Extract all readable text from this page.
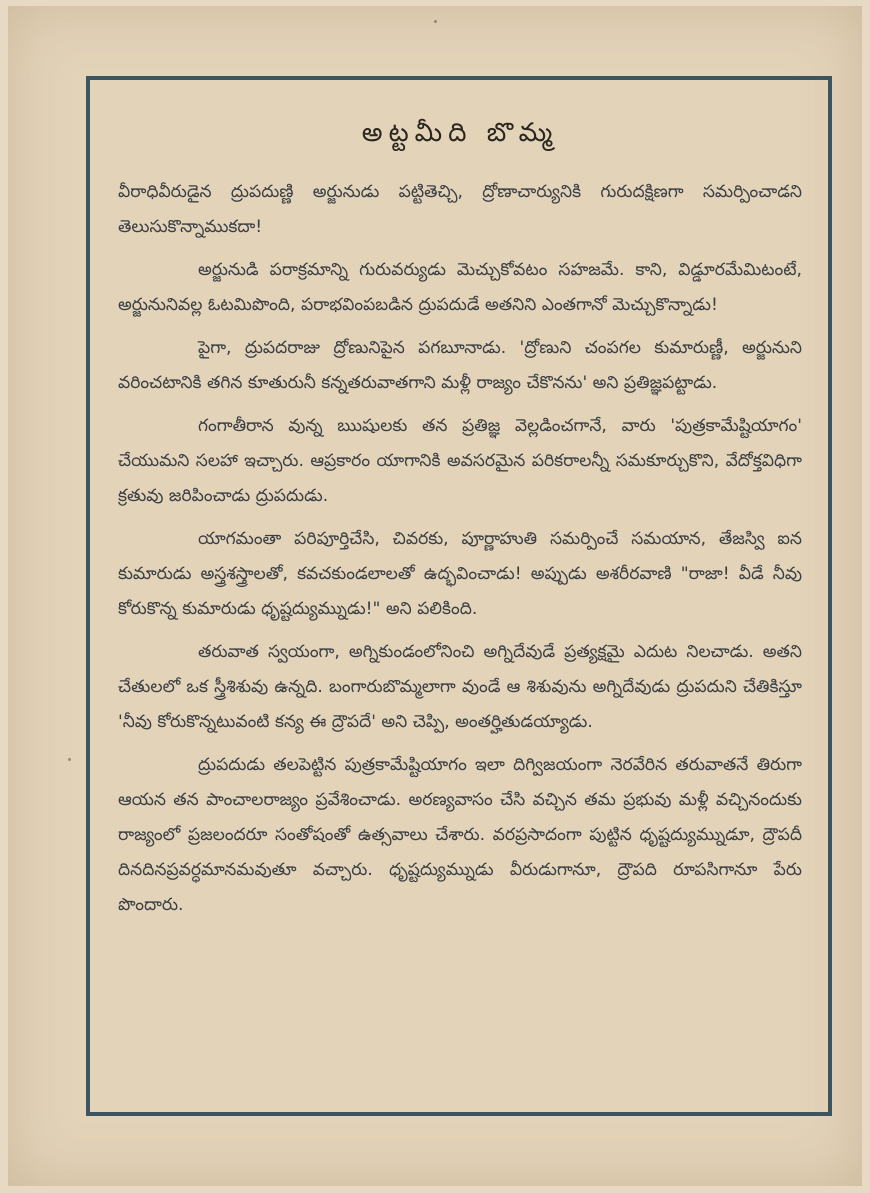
అట్టమీది బొమ్మ

వీరాధివీరుడైన ద్రుపదుణ్ణి అర్జునుడు పట్టితెచ్చి, ద్రోణాచార్యునికి గురుదక్షిణగా సమర్పించాడని తెలుసుకొన్నాముకదా!

అర్జునుడి పరాక్రమాన్ని గురువర్యుడు మెచ్చుకోవటం సహజమే. కాని, విడ్డూరమేమిటంటే, అర్జునునివల్ల ఓటమిపొంది, పరాభవింపబడిన ద్రుపదుడే అతనిని ఎంతగానో మెచ్చుకొన్నాడు!

పైగా, ద్రుపదరాజు ద్రోణునిపైన పగబూనాడు. 'ద్రోణుని చంపగల కుమారుణ్ణీ, అర్జునుని వరించటానికి తగిన కూతురునీ కన్నతరువాతగాని మళ్లీ రాజ్యం చేకొనను' అని ప్రతిజ్ఞపట్టాడు.

గంగాతీరాన వున్న ఋషులకు తన ప్రతిజ్ఞ వెల్లడించగానే, వారు 'పుత్రకామేష్టియాగం' చేయుమని సలహా ఇచ్చారు. ఆప్రకారం యాగానికి అవసరమైన పరికరాలన్నీ సమకూర్చుకొని, వేదోక్తవిధిగా క్రతువు జరిపించాడు ద్రుపదుడు.

యాగమంతా పరిపూర్తిచేసి, చివరకు, పూర్ణాహుతి సమర్పించే సమయాన, తేజస్వి ఐన కుమారుడు అస్త్రశస్త్రాలతో, కవచకుండలాలతో ఉద్భవించాడు! అప్పుడు అశరీరవాణి "రాజా! వీడే నీవు కోరుకొన్న కుమారుడు ధృష్టద్యుమ్నుడు!" అని పలికింది.

తరువాత స్వయంగా, అగ్నికుండంలోనించి అగ్నిదేవుడే ప్రత్యక్షమై ఎదుట నిలచాడు. అతని చేతులలో ఒక స్త్రీశిశువు ఉన్నది. బంగారుబొమ్మలాగా వుండే ఆ శిశువును అగ్నిదేవుడు ద్రుపదుని చేతికిస్తూ 'నీవు కోరుకొన్నటువంటి కన్య ఈ ద్రౌపదే' అని చెప్పి, అంతర్హితుడయ్యాడు.

ద్రుపదుడు తలపెట్టిన పుత్రకామేష్టియాగం ఇలా దిగ్విజయంగా నెరవేరిన తరువాతనే తిరుగా ఆయన తన పాంచాలరాజ్యం ప్రవేశించాడు. అరణ్యవాసం చేసి వచ్చిన తమ ప్రభువు మళ్లీ వచ్చినందుకు రాజ్యంలో ప్రజలందరూ సంతోషంతో ఉత్సవాలు చేశారు. వరప్రసాదంగా పుట్టిన ధృష్టద్యుమ్నుడూ, ద్రౌపదీ దినదినప్రవర్ధమానమవుతూ వచ్చారు. ధృష్టద్యుమ్నుడు వీరుడుగానూ, ద్రౌపది రూపసిగానూ పేరు పొందారు.
